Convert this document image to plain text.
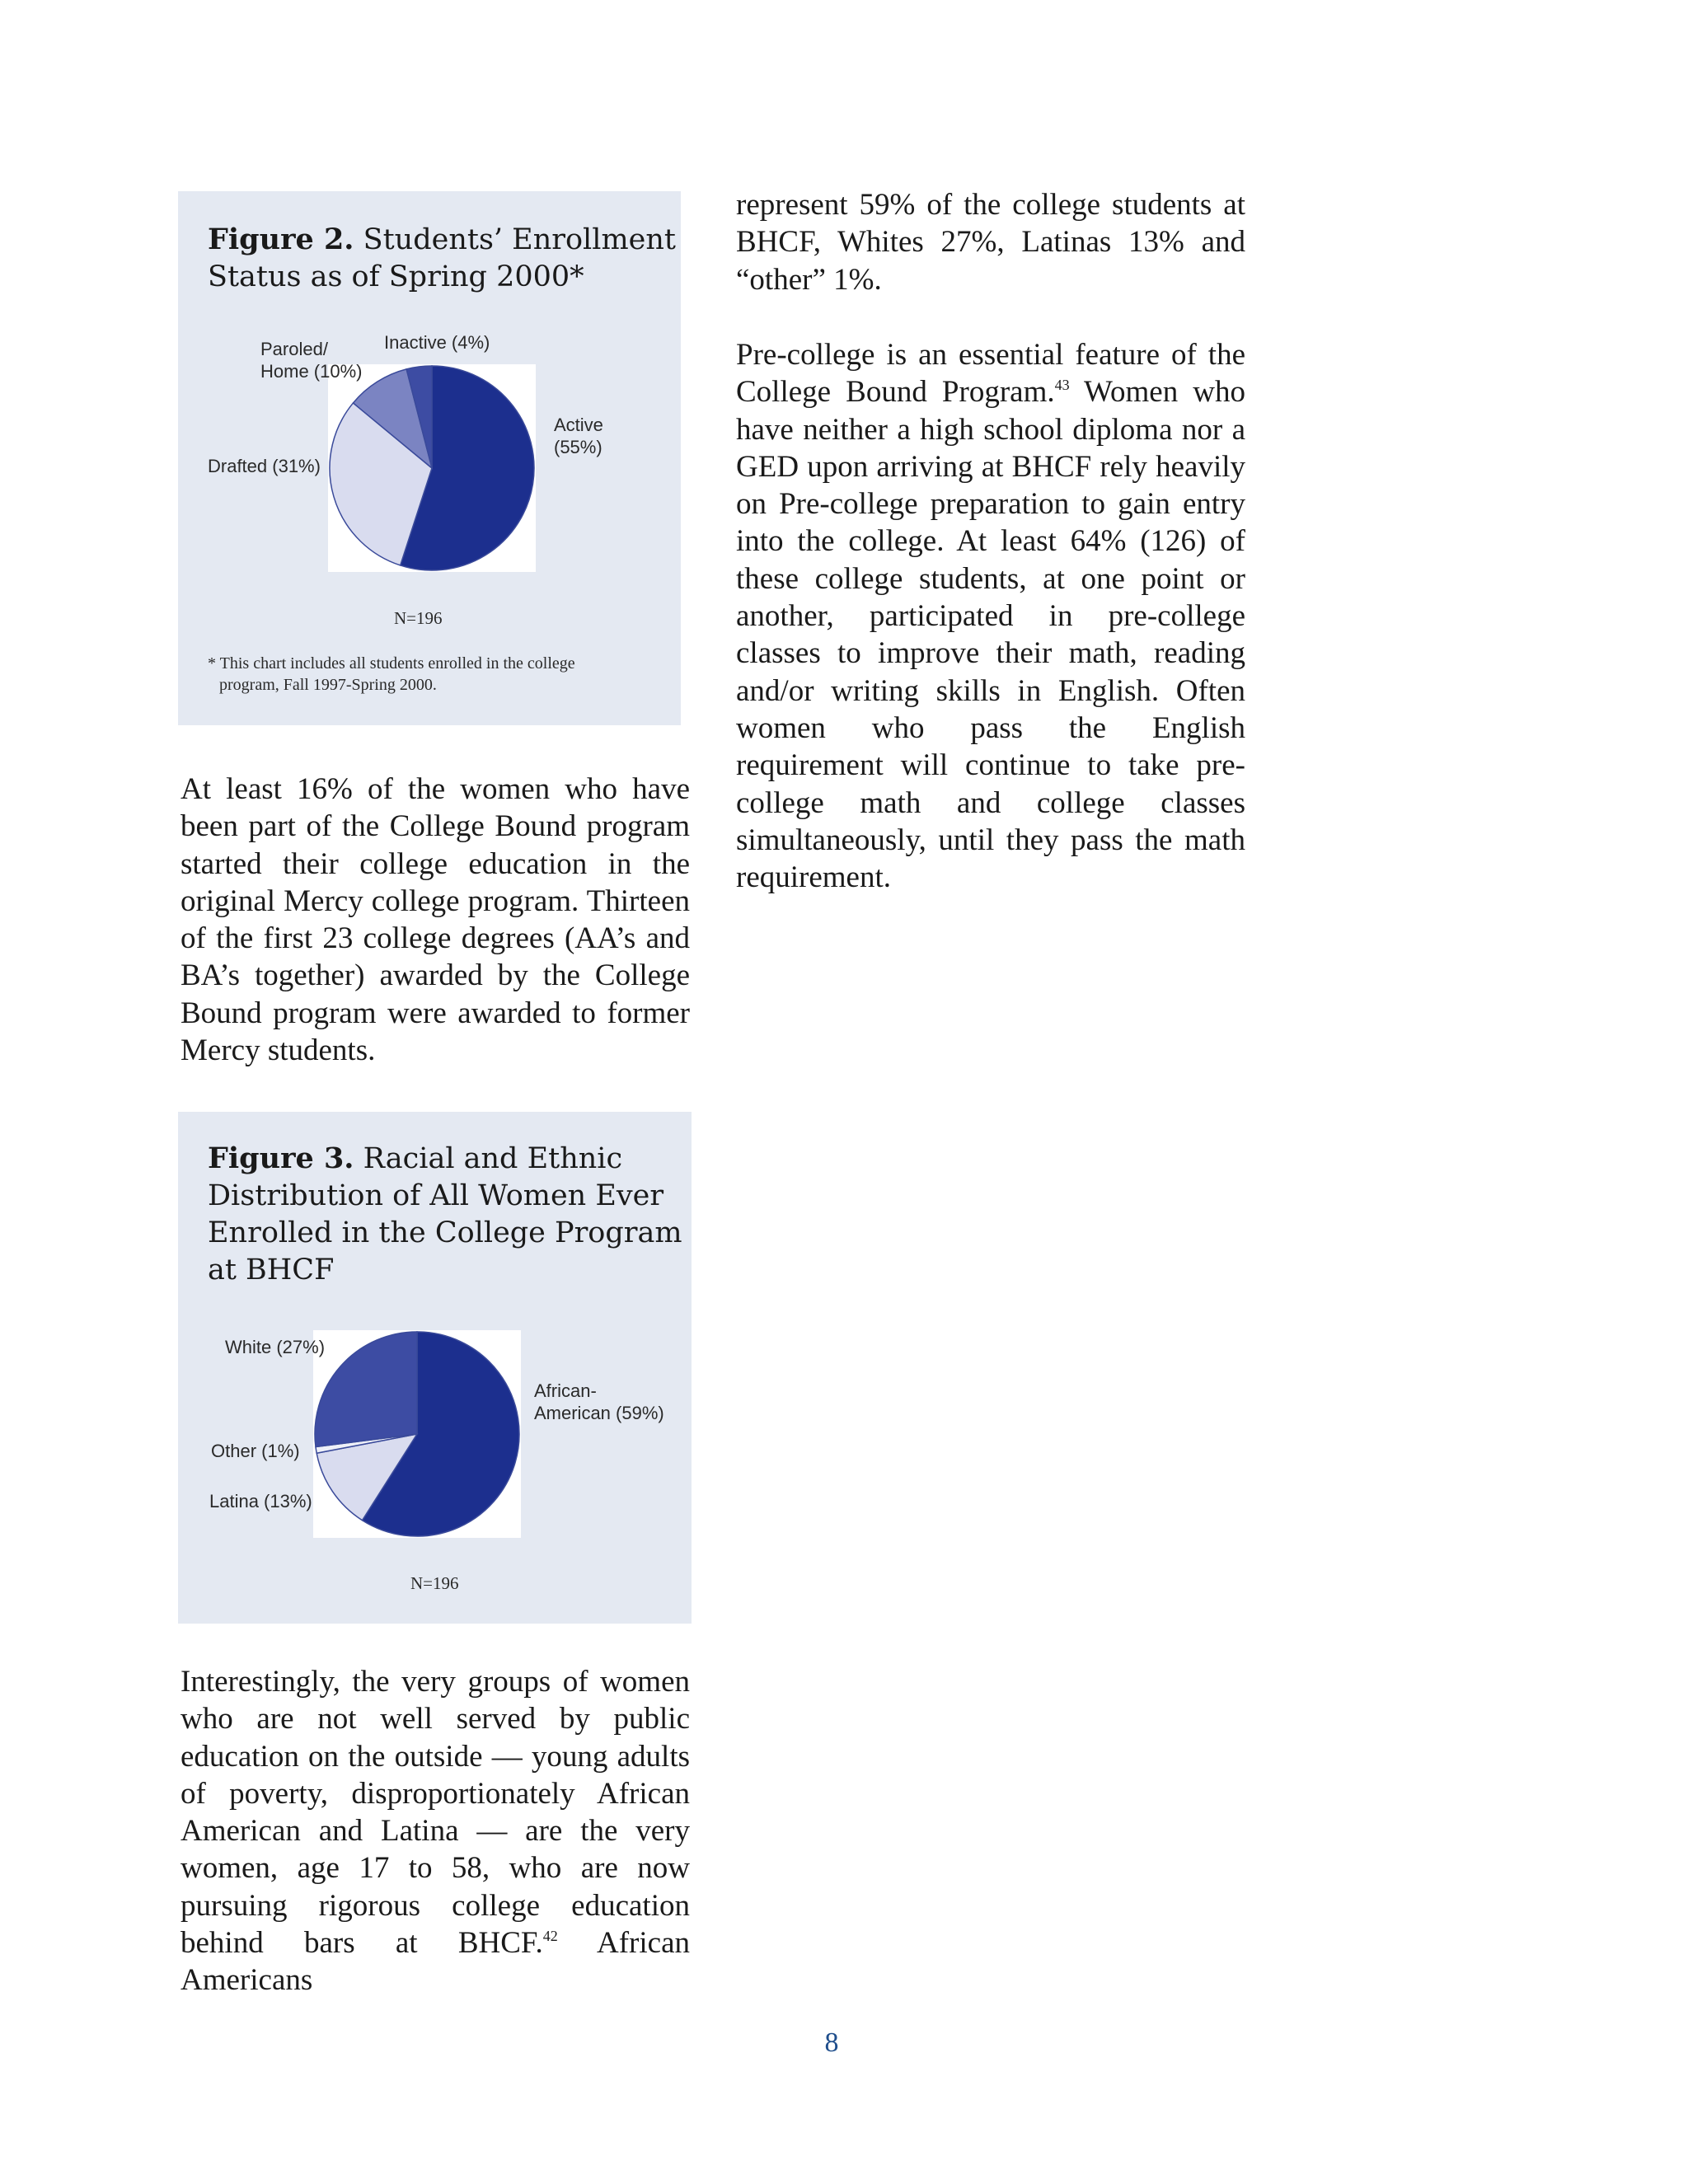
Figure 2. Students’ Enrollment
Status as of Spring 2000*
Inactive (4%)
Paroled/
Home (10%)
Active
(55%)
Drafted (31%)
N=196
* This chart includes all students enrolled in the college
program, Fall 1997-Spring 2000.

At least 16% of the women who have been part of the College Bound program started their college education in the original Mercy college program. Thirteen of the first 23 college degrees (AA’s and BA’s together) awarded by the College Bound program were awarded to former Mercy students.

Figure 3. Racial and Ethnic
Distribution of All Women Ever
Enrolled in the College Program
at BHCF
White (27%)
African-
American (59%)
Other (1%)
Latina (13%)
N=196

Interestingly, the very groups of women who are not well served by public education on the outside — young adults of poverty, disproportionately African American and Latina — are the very women, age 17 to 58, who are now pursuing rigorous college education behind bars at BHCF.$^{42}$ African Americans

represent 59% of the college students at BHCF, Whites 27%, Latinas 13% and “other” 1%.

Pre-college is an essential feature of the College Bound Program.$^{43}$ Women who have neither a high school diploma nor a GED upon arriving at BHCF rely heavily on Pre-college preparation to gain entry into the college. At least 64% (126) of these college students, at one point or another, participated in pre-college classes to improve their math, reading and/or writing skills in English. Often women who pass the English requirement will continue to take pre-college math and college classes simultaneously, until they pass the math requirement.

8
